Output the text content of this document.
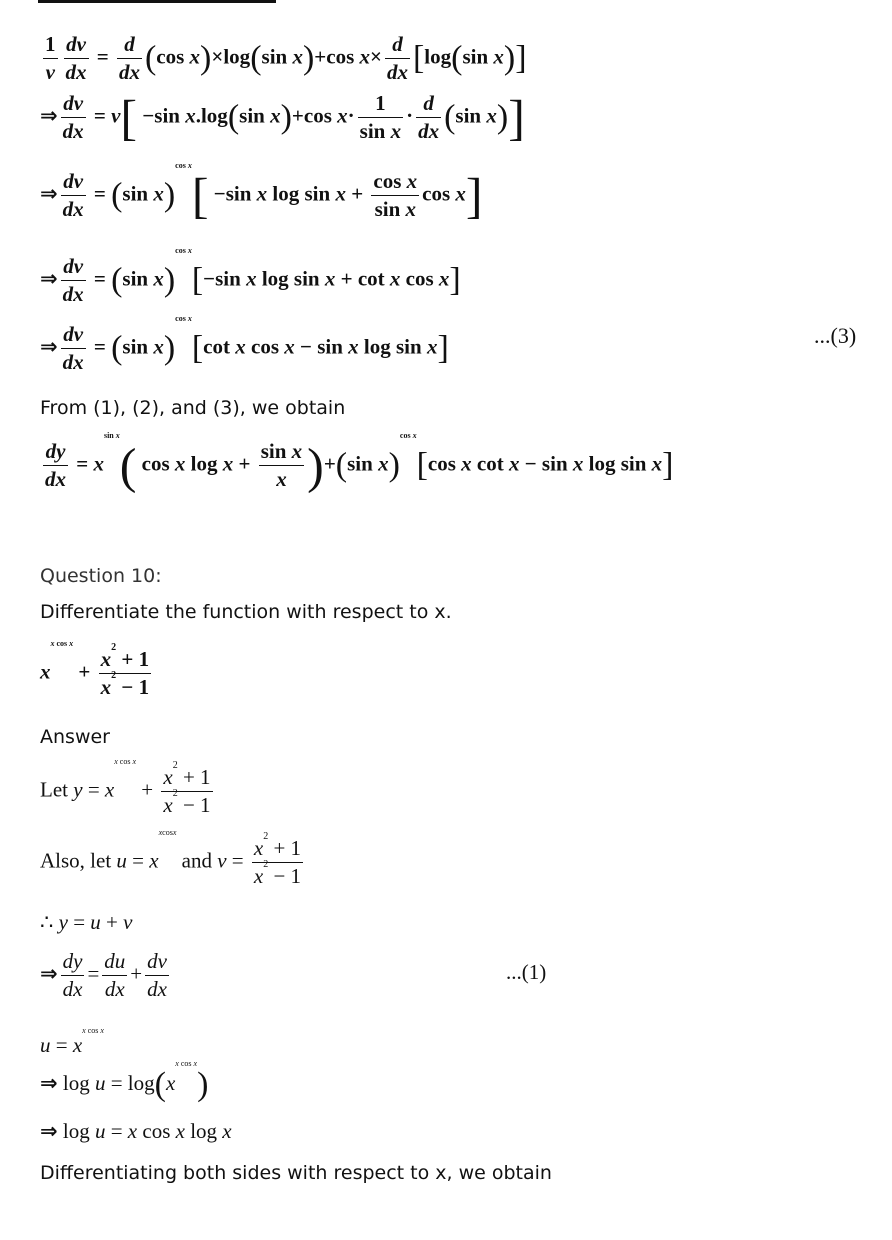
$\frac{1}{v} \frac{dv}{dx} = \frac{d}{dx} (\cos$ x)×log(sin x)+cos $x\times \frac{d}{dx} [\log(\sin$ x)]
⇒ $\frac{dv}{dx} = v[ -\sin$ x.log(sin x)+cos $x\cdot \frac{1}{\text{sin x}} \cdot \frac{d}{dx} (\sin$ x)]
⇒ $\frac{dv}{dx} = (\sin$ x)$^{cos x}$[ −sin x $\log \sin x + \frac{\text{cos x}}{\text{sin x}}$ cos x]
⇒ $\frac{dv}{dx} = (\sin$ x)$^{cos x}$[−sin x log sin x + cot x cos x]
⇒ $\frac{dv}{dx} = (\sin$ x)$^{cos x}$[cot x cos x − sin x log sin x]	...(3)
From (1), (2), and (3), we obtain
$\frac{dy}{dx} = x^{sin x}$( cos x $\log x + \frac{\text{sin x}}{x} )+(\sin$ x)$^{cos x}$[cos x cot x − sin x log sin x]
Question 10:
Differentiate the function with respect to x.
$x^{x cos x} + \frac{x^2 + 1}{x^2 - 1}$
Answer
Let $y = x^{x cos x} + \frac{x^2 + 1}{x^2 - 1}$
Also, let $u = x^{xcosx}$ and $v = \frac{x^2 + 1}{x^2 - 1}$
∴ y = u + v
⇒ $\frac{dy}{dx} = \frac{du}{dx} + \frac{dv}{dx}$	...(1)
$u = x^{x cos x}$
⇒ $\log u = \log(x^{x cos x})$
⇒ log u = x cos x log x
Differentiating both sides with respect to x, we obtain
